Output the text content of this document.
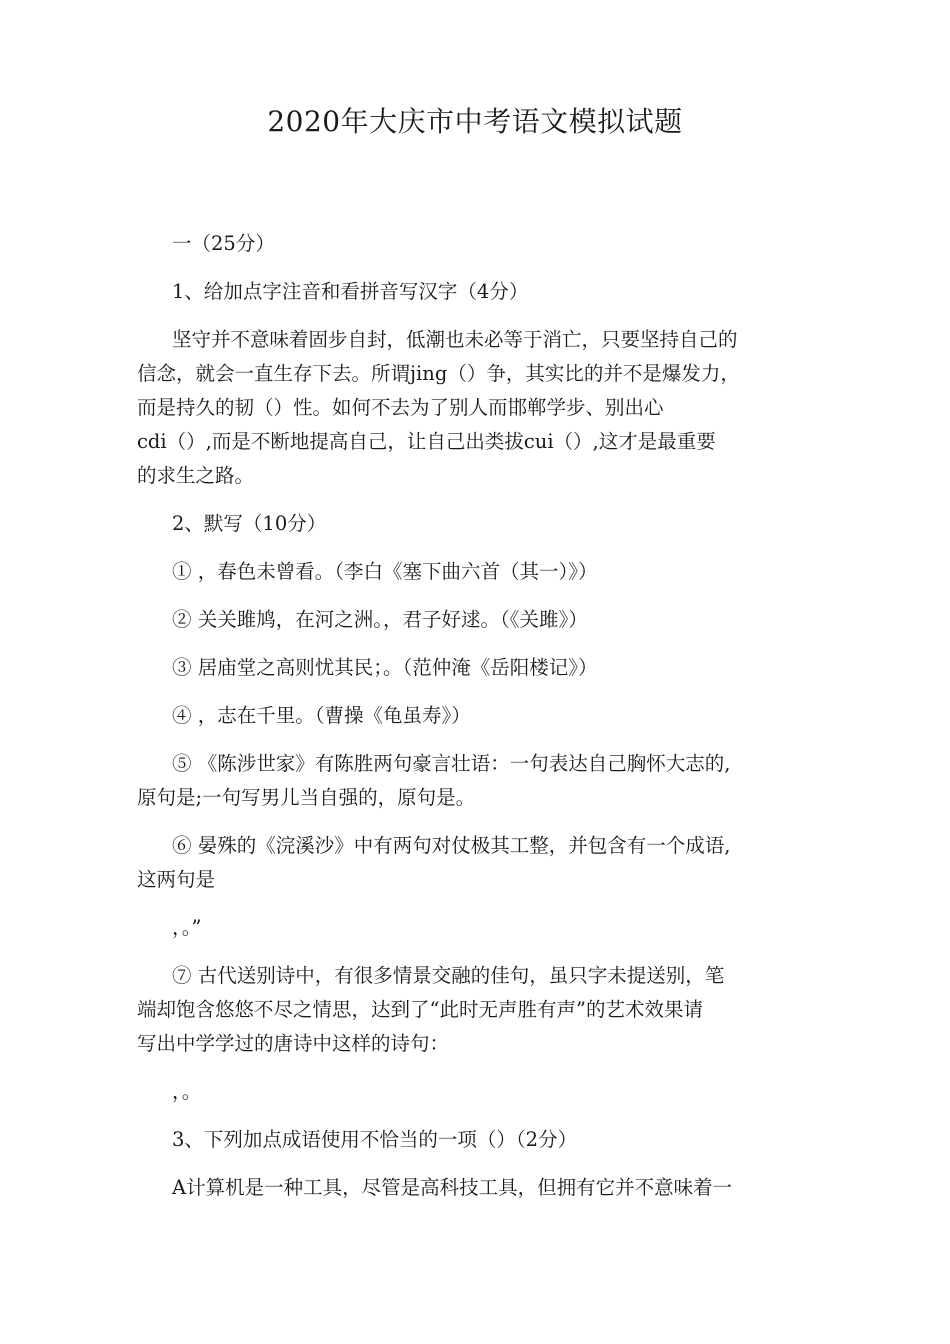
2020年大庆市中考语文模拟试题
一（25分）
1、给加点字注音和看拼音写汉字（4分）
坚守并不意味着固步自封，低潮也未必等于消亡，只要坚持自己的
信念，就会一直生存下去。所谓jing（）争，其实比的并不是爆发力，
而是持久的韧（）性。如何不去为了别人而邯郸学步、别出心
cdi（）,而是不断地提高自己，让自己出类拔cui（）,这才是最重要
的求生之路。
2、默写（10分）
① ，春色未曾看。（李白《塞下曲六首（其一）》）
② 关关雎鸠，在河之洲。，君子好逑。（《关雎》）
③ 居庙堂之高则忧其民；。（范仲淹《岳阳楼记》）
④ ，志在千里。（曹操《龟虽寿》）
⑤ 《陈涉世家》有陈胜两句豪言壮语：一句表达自己胸怀大志的,
原句是;一句写男儿当自强的，原句是。
⑥ 晏殊的《浣溪沙》中有两句对仗极其工整，并包含有一个成语,
这两句是
，。”
⑦ 古代送别诗中，有很多情景交融的佳句，虽只字未提送别，笔
端却饱含悠悠不尽之情思，达到了“此时无声胜有声”的艺术效果请
写出中学学过的唐诗中这样的诗句：
，。
3、下列加点成语使用不恰当的一项（）（2分）
A计算机是一种工具，尽管是高科技工具，但拥有它并不意味着一
